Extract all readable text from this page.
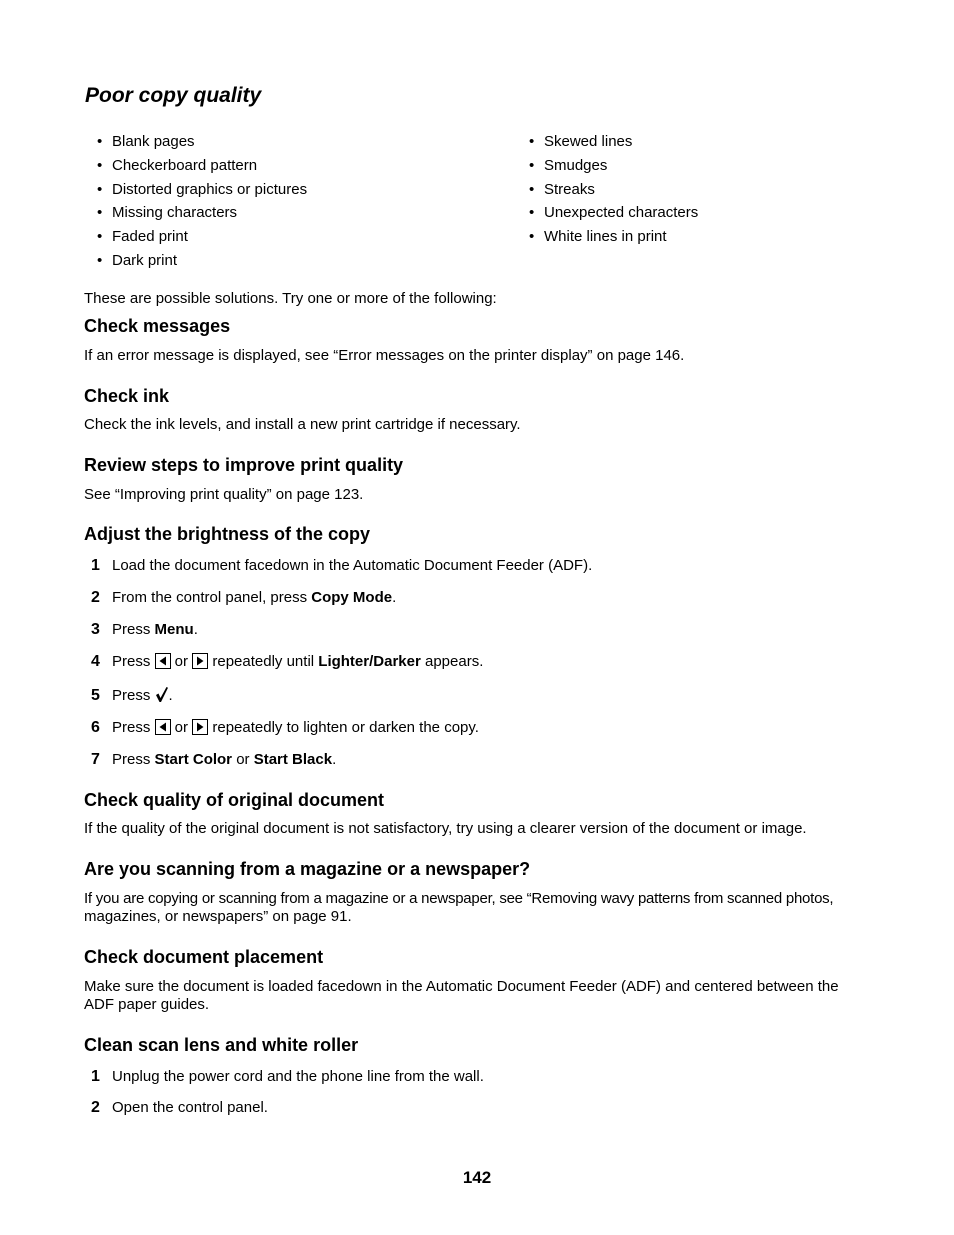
Poor copy quality
• Blank pages
• Checkerboard pattern
• Distorted graphics or pictures
• Missing characters
• Faded print
• Dark print
• Skewed lines
• Smudges
• Streaks
• Unexpected characters
• White lines in print

These are possible solutions. Try one or more of the following:

Check messages

If an error message is displayed, see “Error messages on the printer display” on page 146.

Check ink

Check the ink levels, and install a new print cartridge if necessary.

Review steps to improve print quality

See “Improving print quality” on page 123.

Adjust the brightness of the copy
1 Load the document facedown in the Automatic Document Feeder (ADF).
2 From the control panel, press Copy Mode.
3 Press Menu.
4 Press
or
repeatedly until Lighter/Darker appears.
5 Press .
6 Press
or
repeatedly to lighten or darken the copy.
7 Press Start Color or Start Black.
Check quality of original document

If the quality of the original document is not satisfactory, try using a clearer version of the document or image.

Are you scanning from a magazine or a newspaper?

If you are copying or scanning from a magazine or a newspaper, see “Removing wavy patterns from scanned photos,

magazines, or newspapers” on page 91.

Check document placement

Make sure the document is loaded facedown in the Automatic Document Feeder (ADF) and centered between the

ADF paper guides.

Clean scan lens and white roller
1 Unplug the power cord and the phone line from the wall.
2 Open the control panel.
142
